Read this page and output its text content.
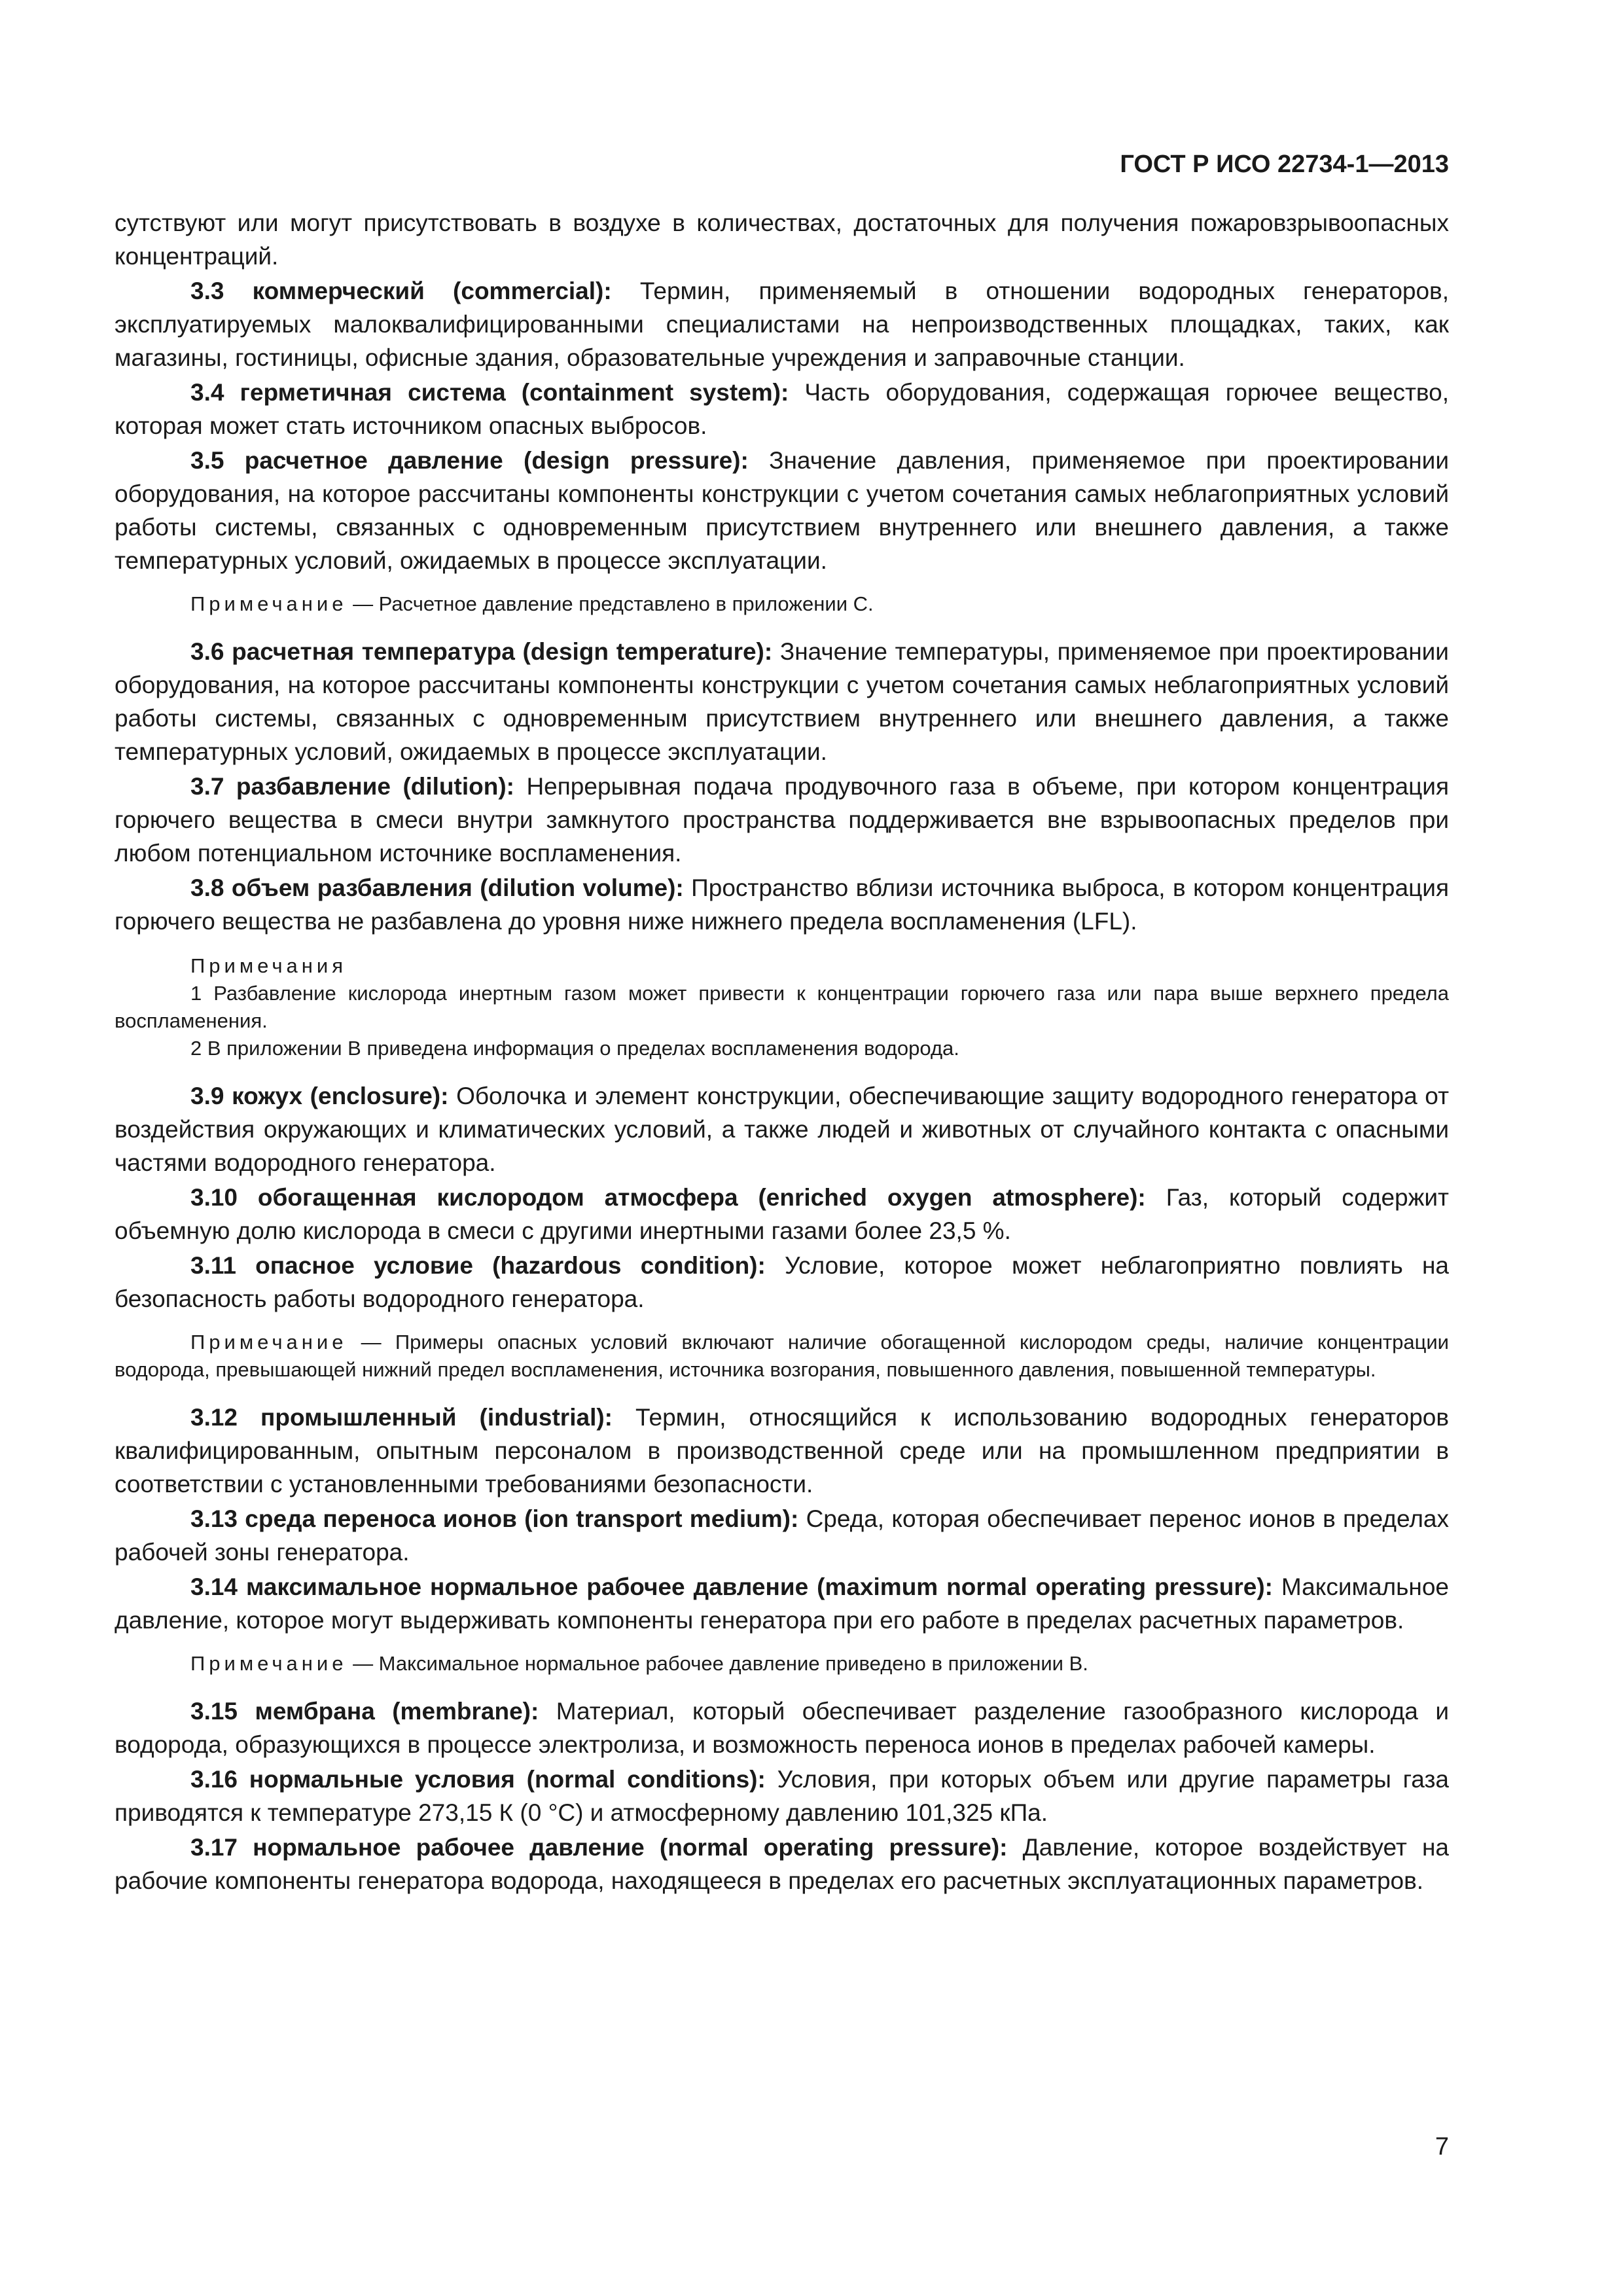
ГОСТ Р ИСО 22734-1—2013

сутствуют или могут присутствовать в воздухе в количествах, достаточных для получения пожаровзрывоопасных концентраций.

3.3 коммерческий (commercial): Термин, применяемый в отношении водородных генераторов, эксплуатируемых малоквалифицированными специалистами на непроизводственных площадках, таких, как магазины, гостиницы, офисные здания, образовательные учреждения и заправочные станции.

3.4 герметичная система (containment system): Часть оборудования, содержащая горючее вещество, которая может стать источником опасных выбросов.

3.5 расчетное давление (design pressure): Значение давления, применяемое при проектировании оборудования, на которое рассчитаны компоненты конструкции с учетом сочетания самых неблагоприятных условий работы системы, связанных с одновременным присутствием внутреннего или внешнего давления, а также температурных условий, ожидаемых в процессе эксплуатации.

Примечание — Расчетное давление представлено в приложении С.

3.6 расчетная температура (design temperature): Значение температуры, применяемое при проектировании оборудования, на которое рассчитаны компоненты конструкции с учетом сочетания самых неблагоприятных условий работы системы, связанных с одновременным присутствием внутреннего или внешнего давления, а также температурных условий, ожидаемых в процессе эксплуатации.

3.7 разбавление (dilution): Непрерывная подача продувочного газа в объеме, при котором концентрация горючего вещества в смеси внутри замкнутого пространства поддерживается вне взрывоопасных пределов при любом потенциальном источнике воспламенения.

3.8 объем разбавления (dilution volume): Пространство вблизи источника выброса, в котором концентрация горючего вещества не разбавлена до уровня ниже нижнего предела воспламенения (LFL).

Примечания

1 Разбавление кислорода инертным газом может привести к концентрации горючего газа или пара выше верхнего предела воспламенения.

2 В приложении В приведена информация о пределах воспламенения водорода.

3.9 кожух (enclosure): Оболочка и элемент конструкции, обеспечивающие защиту водородного генератора от воздействия окружающих и климатических условий, а также людей и животных от случайного контакта с опасными частями водородного генератора.

3.10 обогащенная кислородом атмосфера (enriched oxygen atmosphere): Газ, который содержит объемную долю кислорода в смеси с другими инертными газами более 23,5 %.

3.11 опасное условие (hazardous condition): Условие, которое может неблагоприятно повлиять на безопасность работы водородного генератора.

Примечание — Примеры опасных условий включают наличие обогащенной кислородом среды, наличие концентрации водорода, превышающей нижний предел воспламенения, источника возгорания, повышенного давления, повышенной температуры.

3.12 промышленный (industrial): Термин, относящийся к использованию водородных генераторов квалифицированным, опытным персоналом в производственной среде или на промышленном предприятии в соответствии с установленными требованиями безопасности.

3.13 среда переноса ионов (ion transport medium): Среда, которая обеспечивает перенос ионов в пределах рабочей зоны генератора.

3.14 максимальное нормальное рабочее давление (maximum normal operating pressure): Максимальное давление, которое могут выдерживать компоненты генератора при его работе в пределах расчетных параметров.

Примечание — Максимальное нормальное рабочее давление приведено в приложении В.

3.15 мембрана (membrane): Материал, который обеспечивает разделение газообразного кислорода и водорода, образующихся в процессе электролиза, и возможность переноса ионов в пределах рабочей камеры.

3.16 нормальные условия (normal conditions): Условия, при которых объем или другие параметры газа приводятся к температуре 273,15 К (0 °С) и атмосферному давлению 101,325 кПа.

3.17 нормальное рабочее давление (normal operating pressure): Давление, которое воздействует на рабочие компоненты генератора водорода, находящееся в пределах его расчетных эксплуатационных параметров.

7
